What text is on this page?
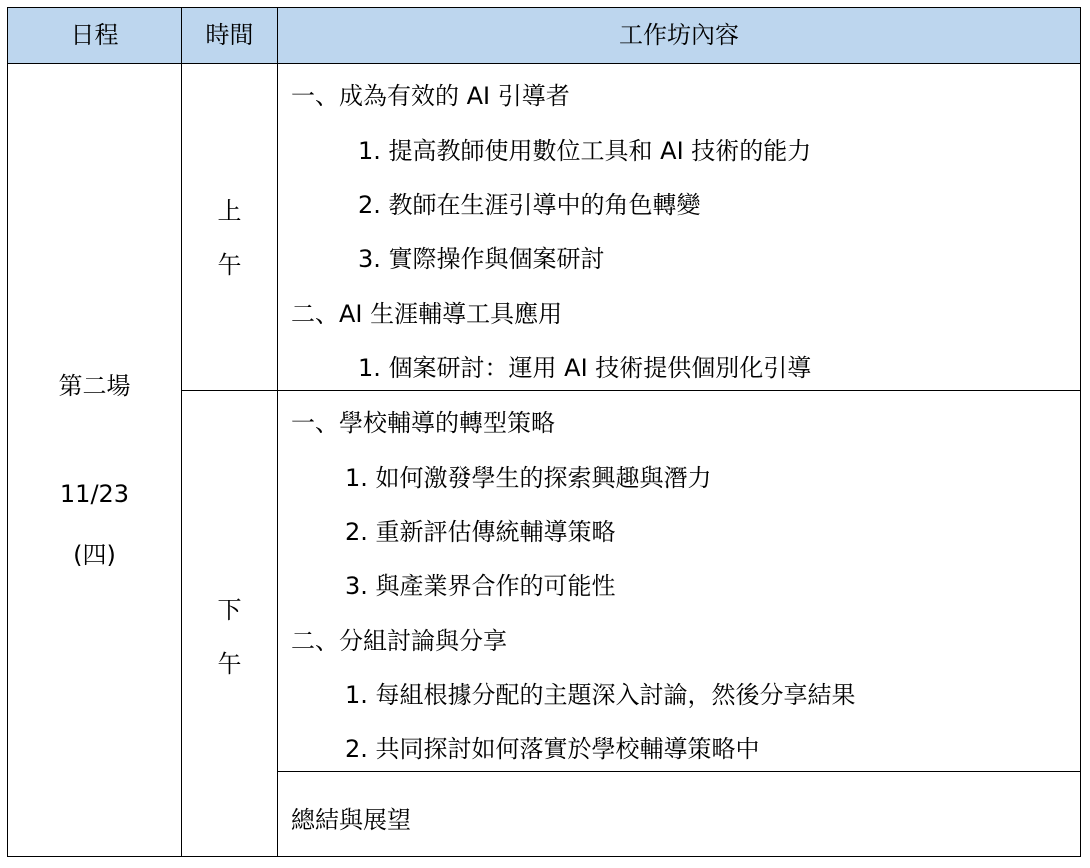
日程	時間	工作坊內容
第二場
11/23
(四)
上
午
下
午
一、成為有效的 AI 引導者
1. 提高教師使用數位工具和 AI 技術的能力
2. 教師在生涯引導中的角色轉變
3. 實際操作與個案研討
二、AI 生涯輔導工具應用
1. 個案研討：運用 AI 技術提供個別化引導
一、學校輔導的轉型策略
1. 如何激發學生的探索興趣與潛力
2. 重新評估傳統輔導策略
3. 與產業界合作的可能性
二、分組討論與分享
1. 每組根據分配的主題深入討論，然後分享結果
2. 共同探討如何落實於學校輔導策略中
總結與展望
